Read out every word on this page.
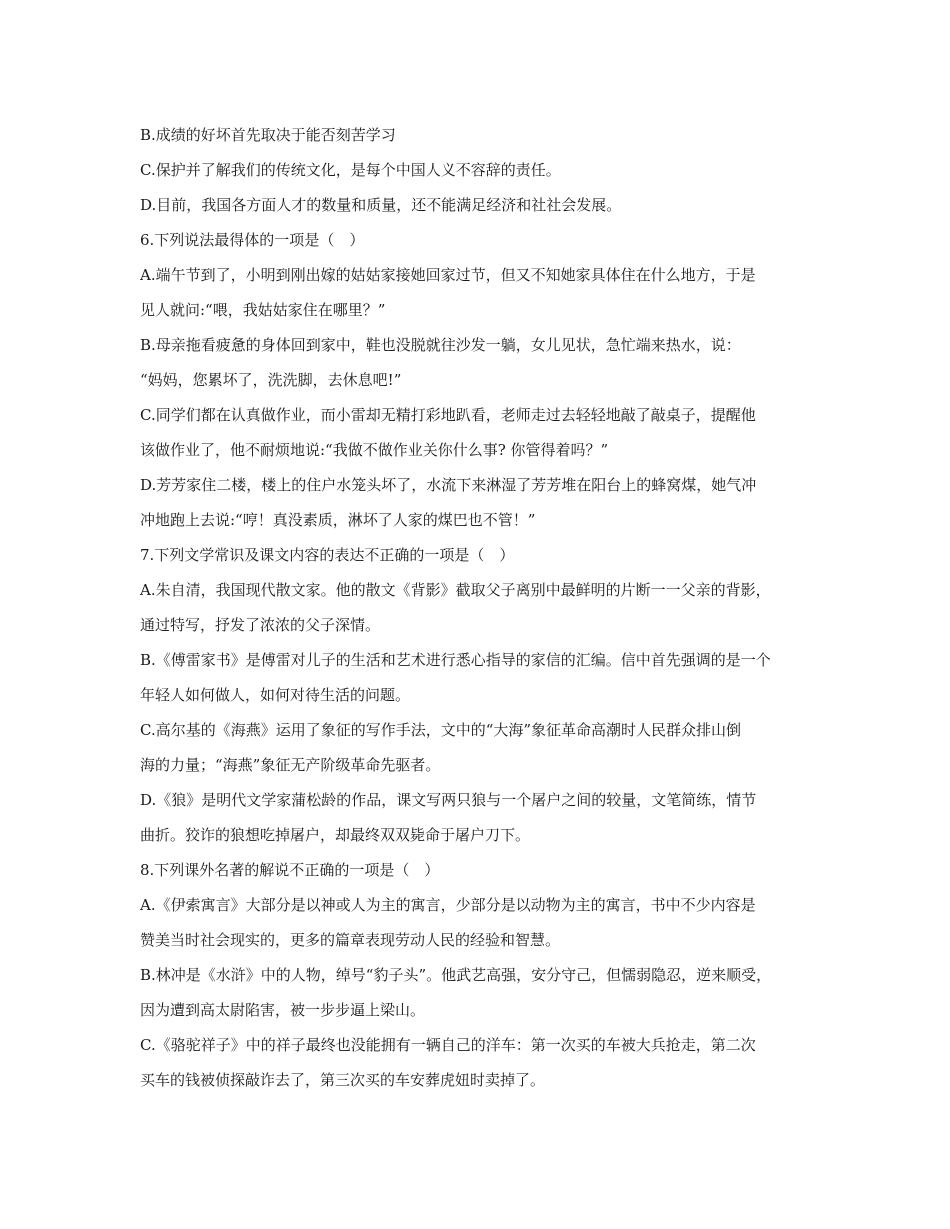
B.成绩的好坏首先取决于能否刻苦学习
C.保护并了解我们的传统文化，是每个中国人义不容辞的责任。
D.目前，我国各方面人才的数量和质量，还不能满足经济和社社会发展。
6.下列说法最得体的一项是（　）
A.端午节到了，小明到刚出嫁的姑姑家接她回家过节，但又不知她家具体住在什么地方，于是
见人就问:“喂，我姑姑家住在哪里？”
B.母亲拖看疲惫的身体回到家中，鞋也没脱就往沙发一躺，女儿见状，急忙端来热水，说：
“妈妈，您累坏了，洗洗脚，去休息吧!”
C.同学们都在认真做作业，而小雷却无精打彩地趴看，老师走过去轻轻地敲了敲桌子，提醒他
该做作业了，他不耐烦地说:“我做不做作业关你什么事? 你管得着吗？”
D.芳芳家住二楼，楼上的住户水笼头坏了，水流下来淋湿了芳芳堆在阳台上的蜂窝煤，她气冲
冲地跑上去说:“哼！真没素质，淋坏了人家的煤巴也不管！”
7.下列文学常识及课文内容的表达不正确的一项是（　）
A.朱自清，我国现代散文家。他的散文《背影》截取父子离别中最鲜明的片断一一父亲的背影，
通过特写，抒发了浓浓的父子深情。
B.《傅雷家书》是傅雷对儿子的生活和艺术进行悉心指导的家信的汇编。信中首先强调的是一个
年轻人如何做人，如何对待生活的问题。
C.高尔基的《海燕》运用了象征的写作手法，文中的“大海”象征革命高潮时人民群众排山倒
海的力量；“海燕”象征无产阶级革命先驱者。
D.《狼》是明代文学家蒲松龄的作品，课文写两只狼与一个屠户之间的较量，文笔简练，情节
曲折。狡诈的狼想吃掉屠户，却最终双双毙命于屠户刀下。
8.下列课外名著的解说不正确的一项是（　）
A.《伊索寓言》大部分是以神或人为主的寓言，少部分是以动物为主的寓言，书中不少内容是
赞美当时社会现实的，更多的篇章表现劳动人民的经验和智慧。
B.林冲是《水浒》中的人物，绰号“豹子头”。他武艺高强，安分守己，但懦弱隐忍，逆来顺受，
因为遭到高太尉陷害，被一步步逼上梁山。
C.《骆驼祥子》中的祥子最终也没能拥有一辆自己的洋车：第一次买的车被大兵抢走，第二次
买车的钱被侦探敲诈去了，第三次买的车安葬虎妞时卖掉了。
